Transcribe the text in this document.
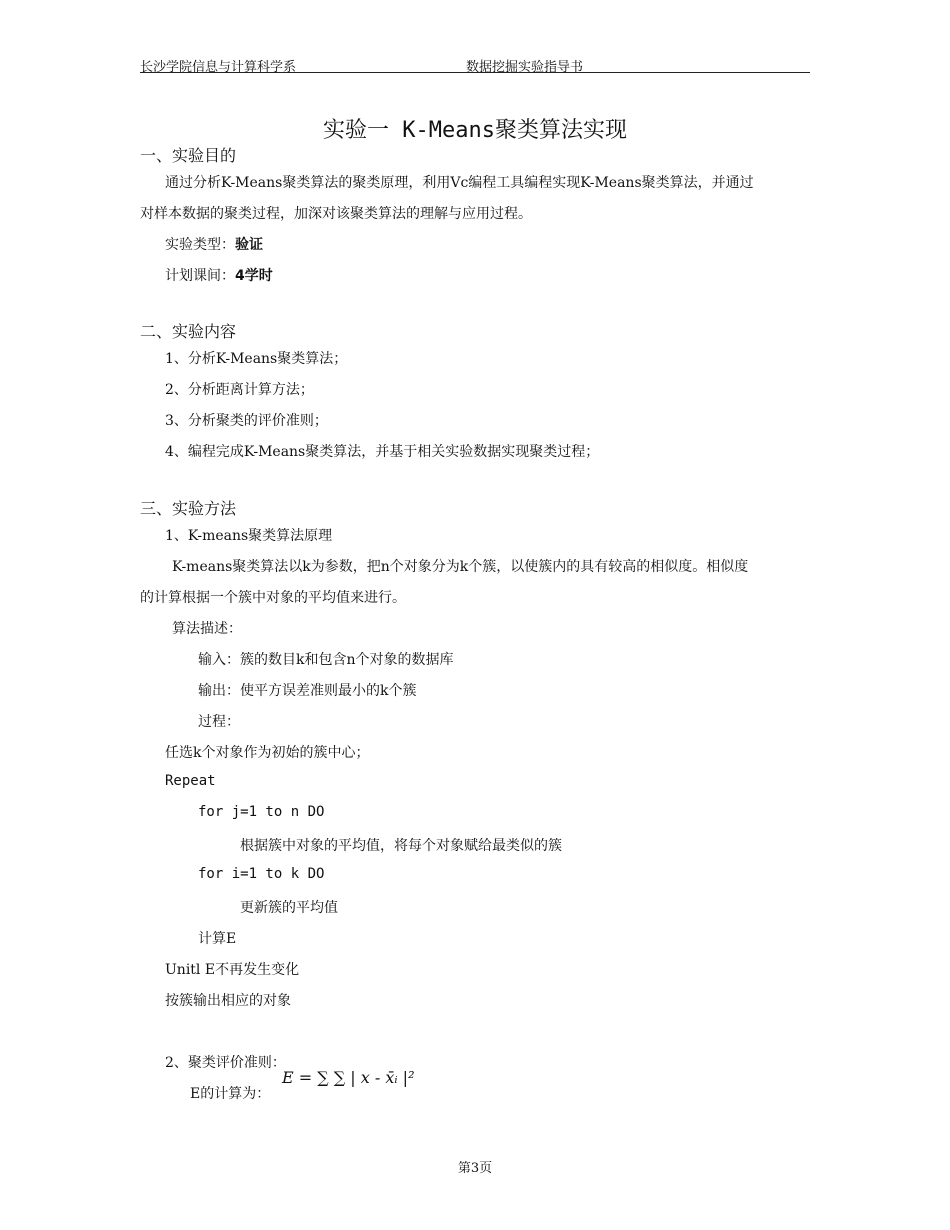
长沙学院信息与计算科学系	数据挖掘实验指导书
实验一 K-Means聚类算法实现
一、实验目的
通过分析K-Means聚类算法的聚类原理，利用Vc编程工具编程实现K-Means聚类算法，并通过
对样本数据的聚类过程，加深对该聚类算法的理解与应用过程。
实验类型：验证
计划课间：4学时
二、实验内容
1、分析K-Means聚类算法；
2、分析距离计算方法；
3、分析聚类的评价准则；
4、编程完成K-Means聚类算法，并基于相关实验数据实现聚类过程；
三、实验方法
1、K-means聚类算法原理
K-means聚类算法以k为参数，把n个对象分为k个簇，以使簇内的具有较高的相似度。相似度
的计算根据一个簇中对象的平均值来进行。
算法描述：
输入：簇的数目k和包含n个对象的数据库
输出：使平方误差准则最小的k个簇
过程：
任选k个对象作为初始的簇中心；
Repeat
for j=1 to n DO
根据簇中对象的平均值，将每个对象赋给最类似的簇
for i=1 to k DO
更新簇的平均值
计算E
Unitl E不再发生变化
按簇输出相应的对象
2、聚类评价准则：
E的计算为：
E = ∑ ∑ | x - x̄ᵢ |²
第3页
